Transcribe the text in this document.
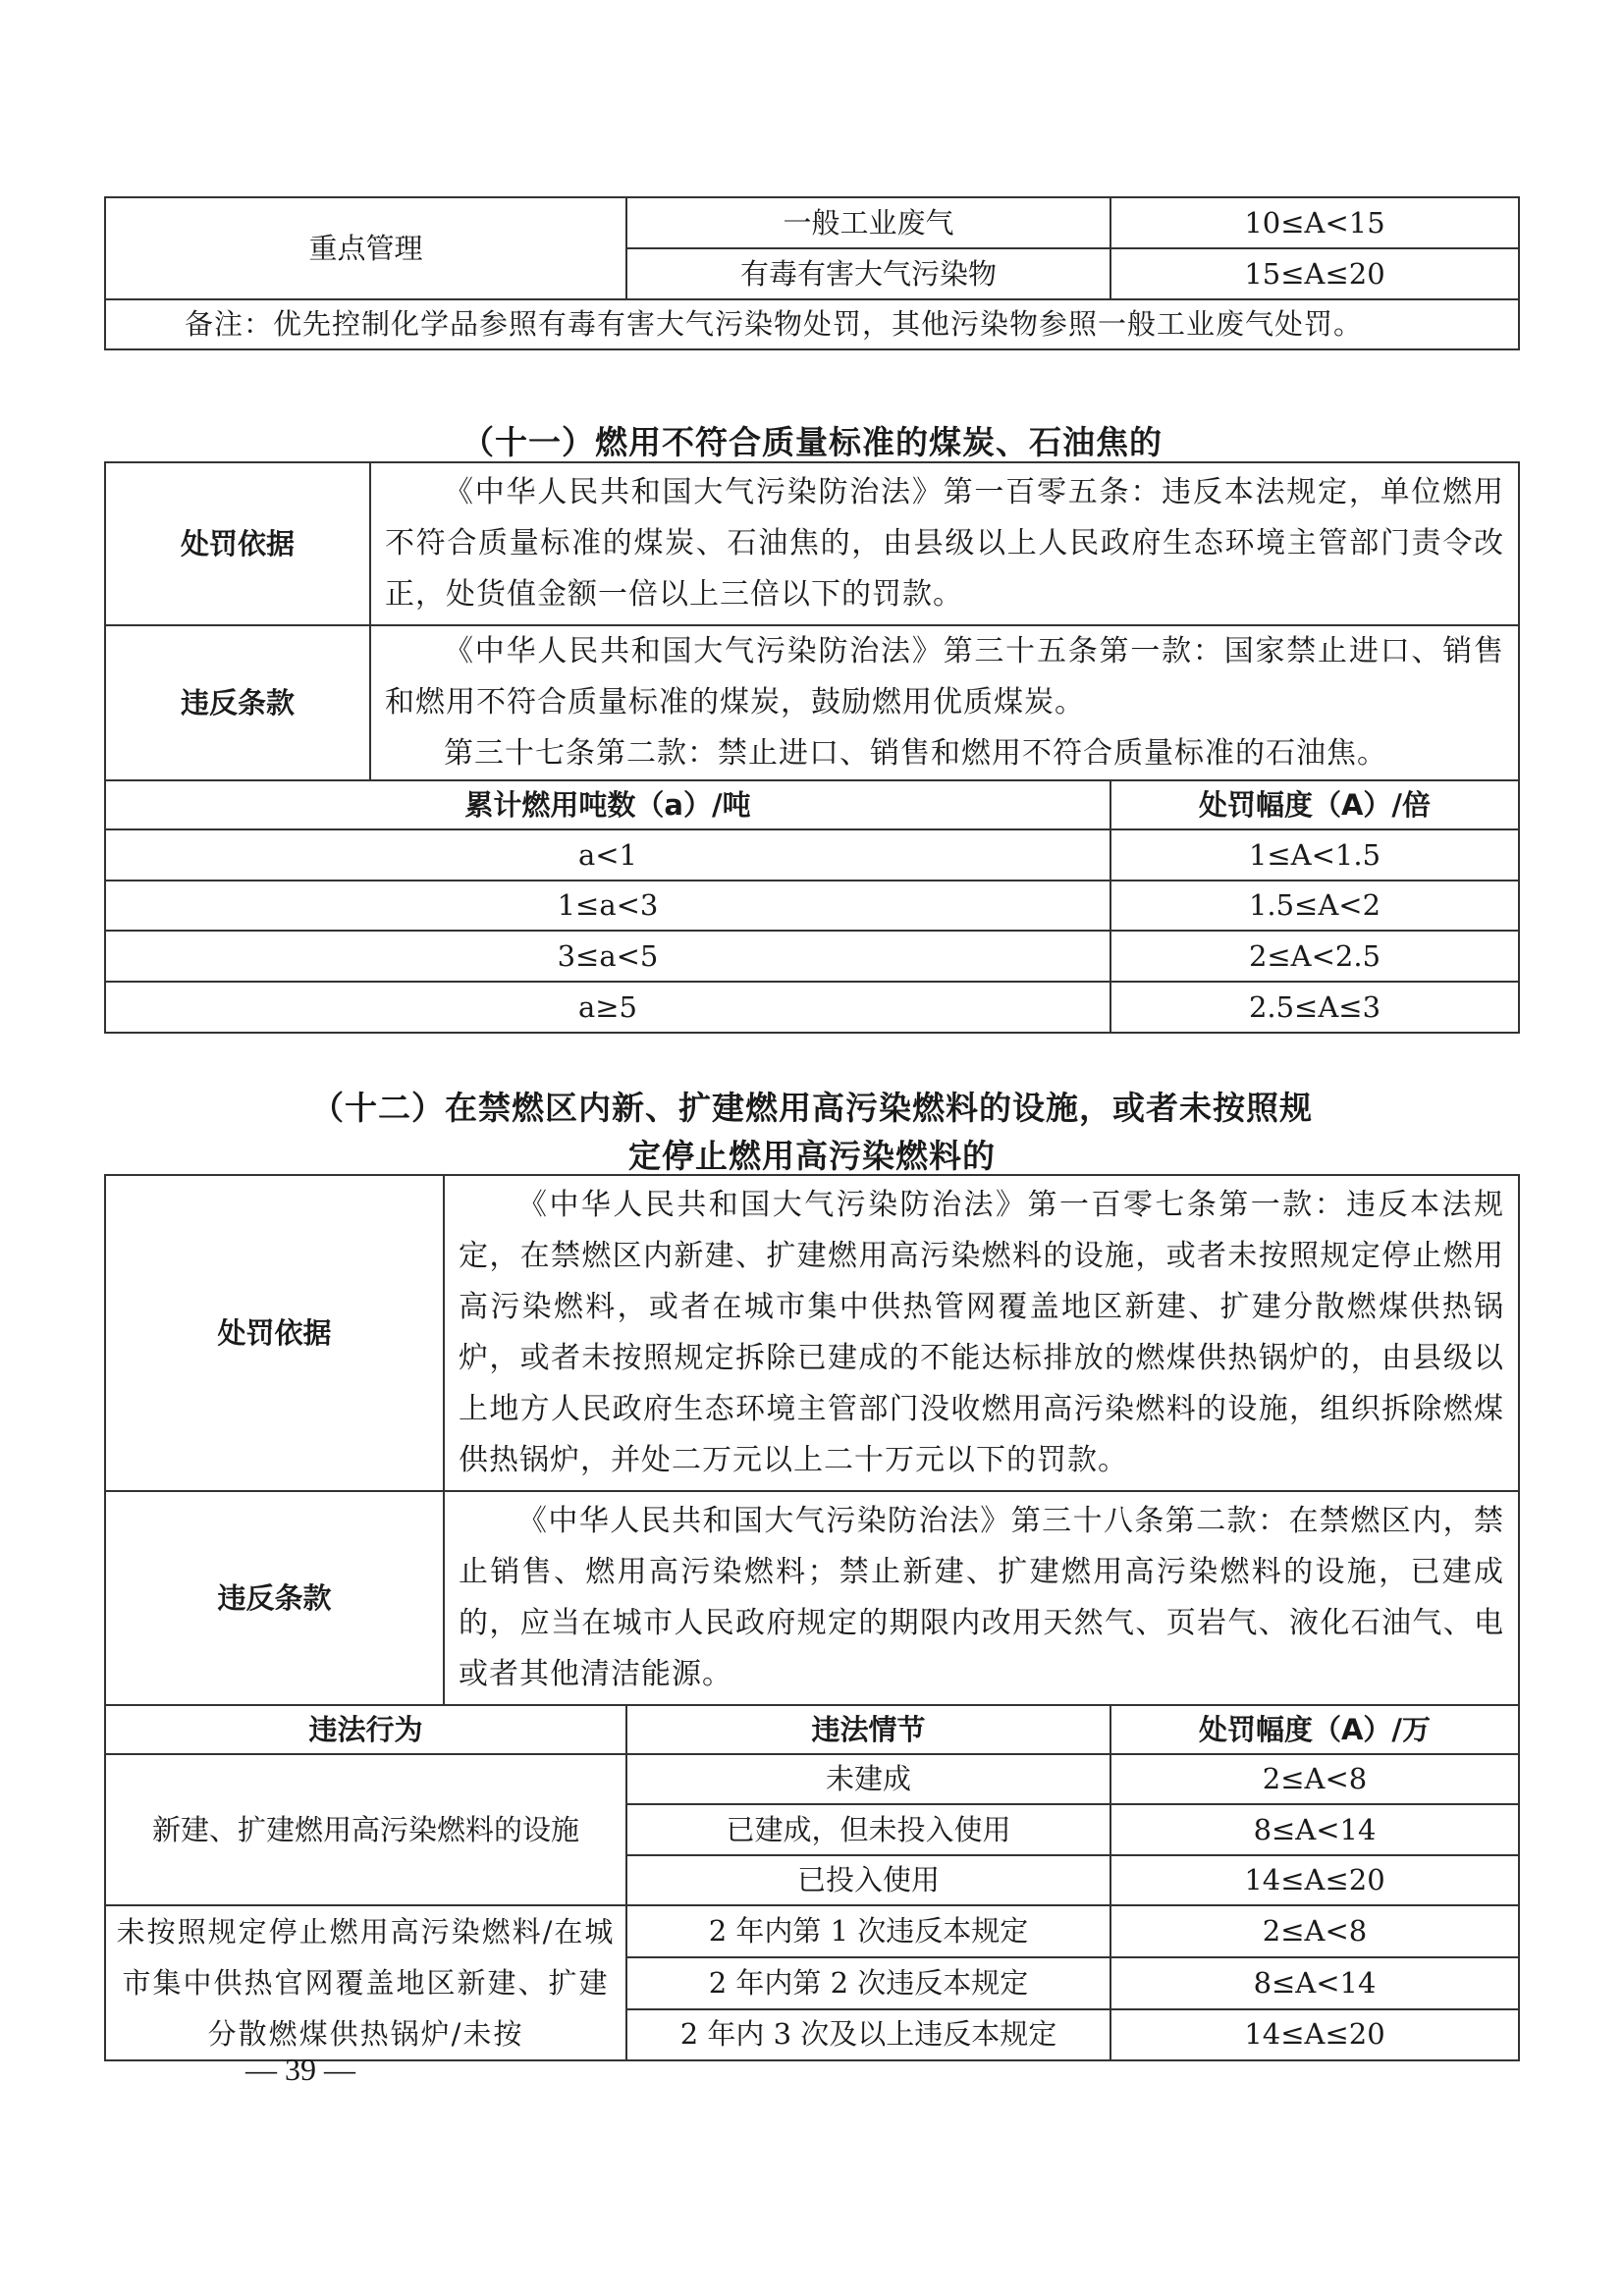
重点管理	一般工业废气	10≤A<15
	有毒有害大气污染物	15≤A≤20
备注：优先控制化学品参照有毒有害大气污染物处罚，其他污染物参照一般工业废气处罚。		
（十一）燃用不符合质量标准的煤炭、石油焦的
处罚依据	《中华人民共和国大气污染防治法》第一百零五条：违反本法规定，单位燃用不符合质量标准的煤炭、石油焦的，由县级以上人民政府生态环境主管部门责令改正，处货值金额一倍以上三倍以下的罚款。	
违反条款	《中华人民共和国大气污染防治法》第三十五条第一款：国家禁止进口、销售和燃用不符合质量标准的煤炭，鼓励燃用优质煤炭。
第三十七条第二款：禁止进口、销售和燃用不符合质量标准的石油焦。	

累计燃用吨数（a）/吨		处罚幅度（A）/倍
a<1		1≤A<1.5
1≤a<3		1.5≤A<2
3≤a<5		2≤A<2.5
a≥5		2.5≤A≤3
（十二）在禁燃区内新、扩建燃用高污染燃料的设施，或者未按照规
定停止燃用高污染燃料的
处罚依据	《中华人民共和国大气污染防治法》第一百零七条第一款：违反本法规定，在禁燃区内新建、扩建燃用高污染燃料的设施，或者未按照规定停止燃用高污染燃料，或者在城市集中供热管网覆盖地区新建、扩建分散燃煤供热锅炉，或者未按照规定拆除已建成的不能达标排放的燃煤供热锅炉的，由县级以上地方人民政府生态环境主管部门没收燃用高污染燃料的设施，组织拆除燃煤供热锅炉，并处二万元以上二十万元以下的罚款。		
违反条款	《中华人民共和国大气污染防治法》第三十八条第二款：在禁燃区内，禁止销售、燃用高污染燃料；禁止新建、扩建燃用高污染燃料的设施，已建成的，应当在城市人民政府规定的期限内改用天然气、页岩气、液化石油气、电或者其他清洁能源。		
违法行为		违法情节	处罚幅度（A）/万
新建、扩建燃用高污染燃料的设施		未建成	2≤A<8
		已建成，但未投入使用	8≤A<14
		已投入使用	14≤A≤20
未按照规定停止燃用高污染燃料/在城市集中供热官网覆盖地区新建、扩建分散燃煤供热锅炉/未按		2 年内第 1 次违反本规定	2≤A<8
		2 年内第 2 次违反本规定	8≤A<14
		2 年内 3 次及以上违反本规定	14≤A≤20
— 39 —
